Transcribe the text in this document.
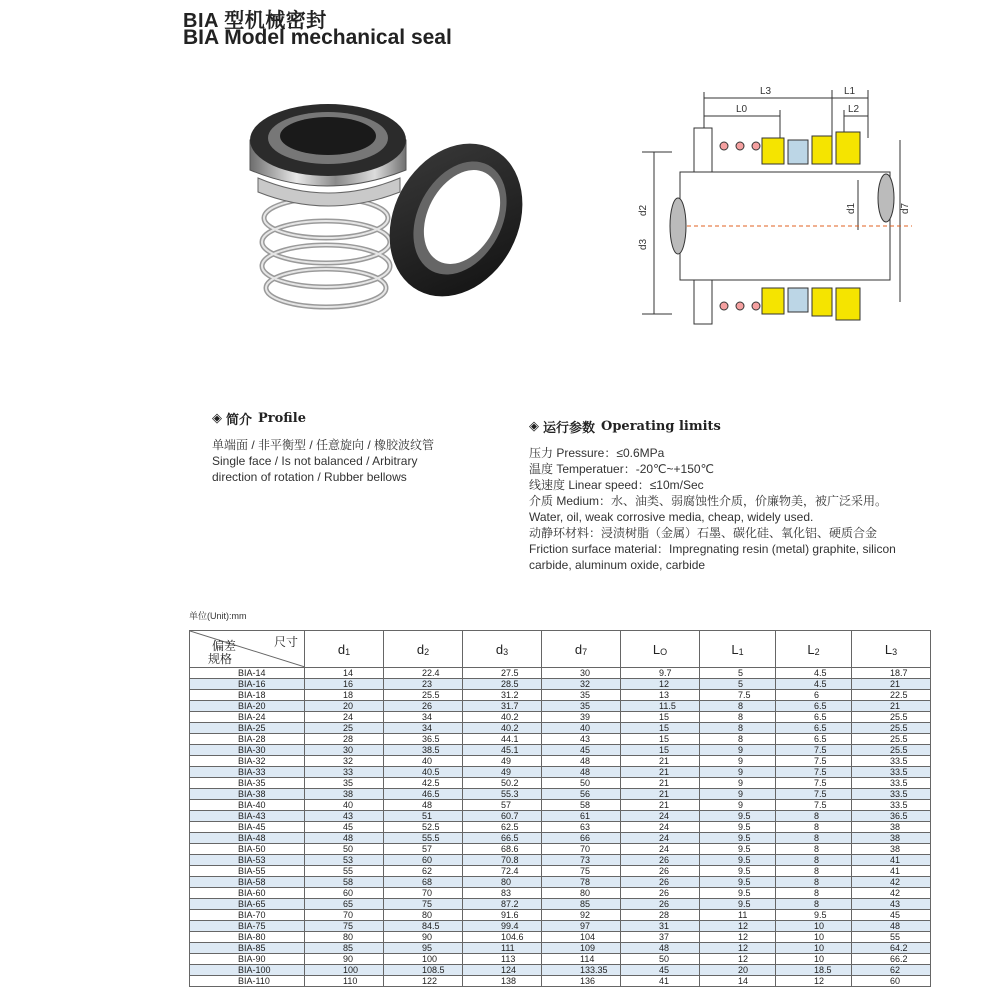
BIA 型机械密封
BIA Model mechanical seal
L3
L0
L1
L2
d2
d3
d1	d7
◈ 简介 Profile
单端面 / 非平衡型 / 任意旋向 / 橡胶波纹管
Single face / Is not balanced / Arbitrary
direction of rotation / Rubber bellows
◈ 运行参数 Operating limits
压力 Pressure：≤0.6MPa
温度 Temperatuer：-20℃~+150℃
线速度 Linear speed：≤10m/Sec
介质 Medium：水、油类、弱腐蚀性介质，价廉物美，被广泛采用。
Water, oil, weak corrosive media, cheap, widely used.
动静环材料：浸渍树脂（金属）石墨、碳化硅、氧化铝、硬质合金
Friction surface material：Impregnating resin (metal) graphite, silicon
carbide, aluminum oxide, carbide
单位(Unit):mm
尺寸
偏差
规格	d1	d2	d3	d7	LO	L1	L2	L3
BIA-14	14	22.4	27.5	30	9.7	5	4.5	18.7
BIA-16	16	23	28.5	32	12	5	4.5	21
BIA-18	18	25.5	31.2	35	13	7.5	6	22.5
BIA-20	20	26	31.7	35	11.5	8	6.5	21
BIA-24	24	34	40.2	39	15	8	6.5	25.5
BIA-25	25	34	40.2	40	15	8	6.5	25.5
BIA-28	28	36.5	44.1	43	15	8	6.5	25.5
BIA-30	30	38.5	45.1	45	15	9	7.5	25.5
BIA-32	32	40	49	48	21	9	7.5	33.5
BIA-33	33	40.5	49	48	21	9	7.5	33.5
BIA-35	35	42.5	50.2	50	21	9	7.5	33.5
BIA-38	38	46.5	55.3	56	21	9	7.5	33.5
BIA-40	40	48	57	58	21	9	7.5	33.5
BIA-43	43	51	60.7	61	24	9.5	8	36.5
BIA-45	45	52.5	62.5	63	24	9.5	8	38
BIA-48	48	55.5	66.5	66	24	9.5	8	38
BIA-50	50	57	68.6	70	24	9.5	8	38
BIA-53	53	60	70.8	73	26	9.5	8	41
BIA-55	55	62	72.4	75	26	9.5	8	41
BIA-58	58	68	80	78	26	9.5	8	42
BIA-60	60	70	83	80	26	9.5	8	42
BIA-65	65	75	87.2	85	26	9.5	8	43
BIA-70	70	80	91.6	92	28	11	9.5	45
BIA-75	75	84.5	99.4	97	31	12	10	48
BIA-80	80	90	104.6	104	37	12	10	55
BIA-85	85	95	111	109	48	12	10	64.2
BIA-90	90	100	113	114	50	12	10	66.2
BIA-100	100	108.5	124	133.35	45	20	18.5	62
BIA-110	110	122	138	136	41	14	12	60
